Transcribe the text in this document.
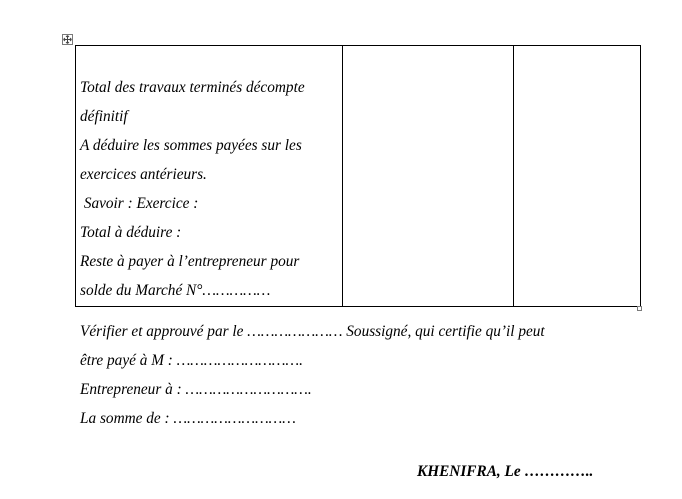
Total des travaux terminés décompte
définitif
A déduire les sommes payées sur les
exercices antérieurs.
Savoir : Exercice :
Total à déduire :
Reste à payer à l’entrepreneur pour
solde du Marché N°……………

Vérifier et approuvé par le ………………… Soussigné, qui certifie qu’il peut
être payé à M : ……………………….
Entrepreneur à : ……………………….
La somme de : ………………………
KHENIFRA, Le …………..
